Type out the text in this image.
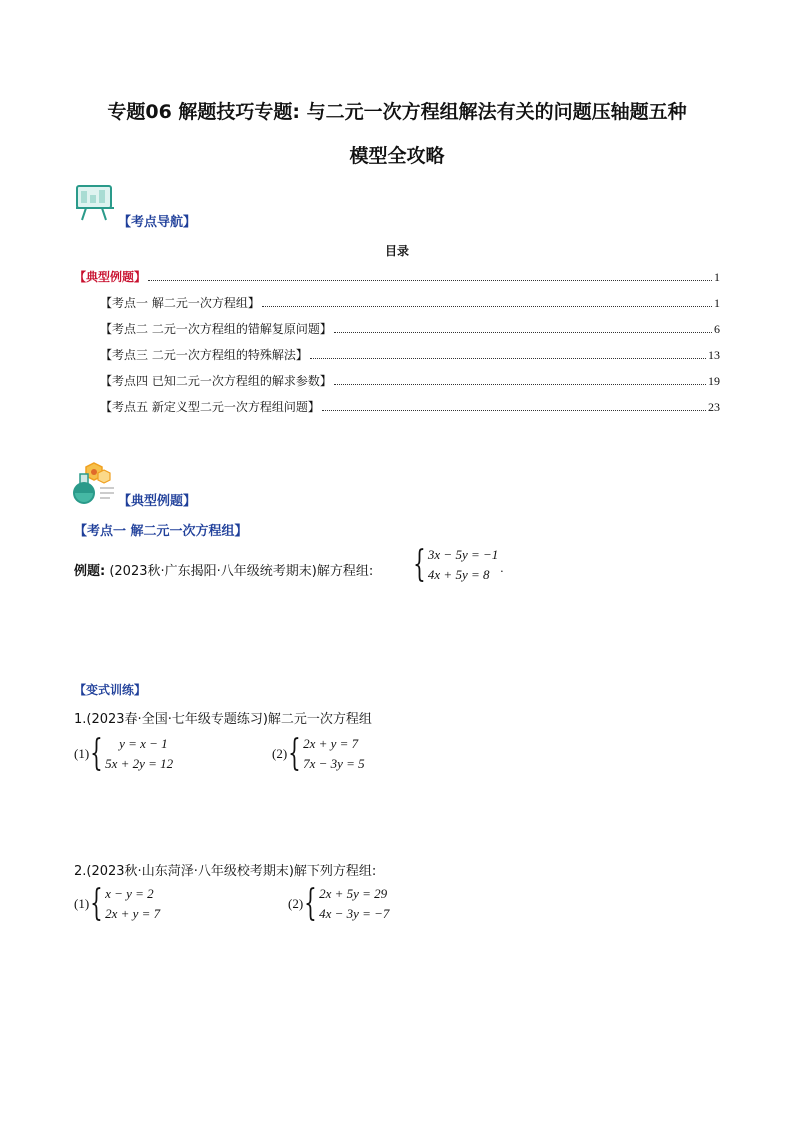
专题06 解题技巧专题: 与二元一次方程组解法有关的问题压轴题五种
模型全攻略
【考点导航】
目录
【典型例题】	1
【考点一 解二元一次方程组】	1
【考点二 二元一次方程组的错解复原问题】	6
【考点三 二元一次方程组的特殊解法】	13
【考点四 已知二元一次方程组的解求参数】	19
【考点五 新定义型二元一次方程组问题】	23
【典型例题】
【考点一 解二元一次方程组】
例题: (2023秋·广东揭阳·八年级统考期末)解方程组: { 3x − 5y = −1
4x + 5y = 8 .
【变式训练】
1.(2023春·全国·七年级专题练习)解二元一次方程组
(1) {	y = x − 1
5x + 2y = 12
(2) { 2x + y = 7
7x − 3y = 5
2.(2023秋·山东菏泽·八年级校考期末)解下列方程组:
(1) { x − y = 2
2x + y = 7
(2) { 2x + 5y = 29
4x − 3y = −7
